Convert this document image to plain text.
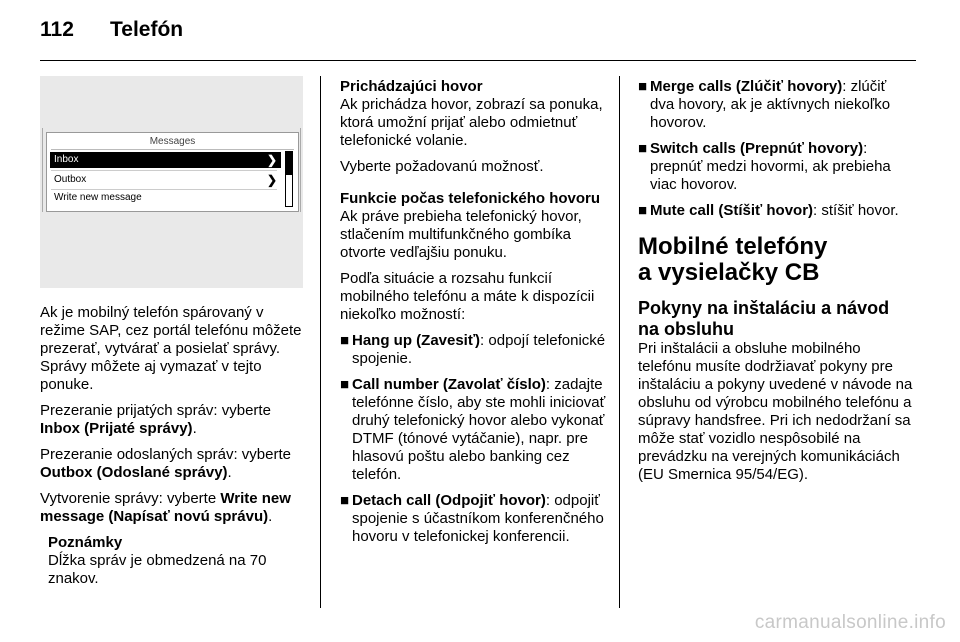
112 Telefón
Messages
Inbox	❯
Outbox	❯
Write new message

Ak je mobilný telefón spárovaný v režime SAP, cez portál telefónu môžete prezerať, vytvárať a posielať správy. Správy môžete aj vymazať v tejto ponuke.

Prezeranie prijatých správ: vyberte Inbox (Prijaté správy).

Prezeranie odoslaných správ: vyberte Outbox (Odoslané správy).

Vytvorenie správy: vyberte Write new message (Napísať novú správu).

Poznámky
Dĺžka správ je obmedzená na 70 znakov.
Prichádzajúci hovor

Ak prichádza hovor, zobrazí sa ponuka, ktorá umožní prijať alebo odmietnuť telefonické volanie.

Vyberte požadovanú možnosť.

Funkcie počas telefonického hovoru

Ak práve prebieha telefonický hovor, stlačením multifunkčného gombíka otvorte vedľajšiu ponuku.

Podľa situácie a rozsahu funkcií mobilného telefónu a máte k dispozícii niekoľko možností:

■ Hang up (Zavesiť): odpojí telefonické spojenie.
■ Call number (Zavolať číslo): zadajte telefónne číslo, aby ste mohli iniciovať druhý telefonický hovor alebo vykonať DTMF (tónové vytáčanie), napr. pre hlasovú poštu alebo banking cez telefón.
■ Detach call (Odpojiť hovor): odpojiť spojenie s účastníkom konferenčného hovoru v telefonickej konferencii.
■ Merge calls (Zlúčiť hovory): zlúčiť dva hovory, ak je aktívnych niekoľko hovorov.
■ Switch calls (Prepnúť hovory): prepnúť medzi hovormi, ak prebieha viac hovorov.
■ Mute call (Stíšiť hovor): stíšiť hovor.
Mobilné telefóny
a vysielačky CB
Pokyny na inštaláciu a návod na obsluhu

Pri inštalácii a obsluhe mobilného telefónu musíte dodržiavať pokyny pre inštaláciu a pokyny uvedené v návode na obsluhu od výrobcu mobilného telefónu a súpravy handsfree. Pri ich nedodržaní sa môže stať vozidlo nespôsobilé na prevádzku na verejných komunikáciách (EU Smernica 95/54/EG).

carmanualsonline.info
